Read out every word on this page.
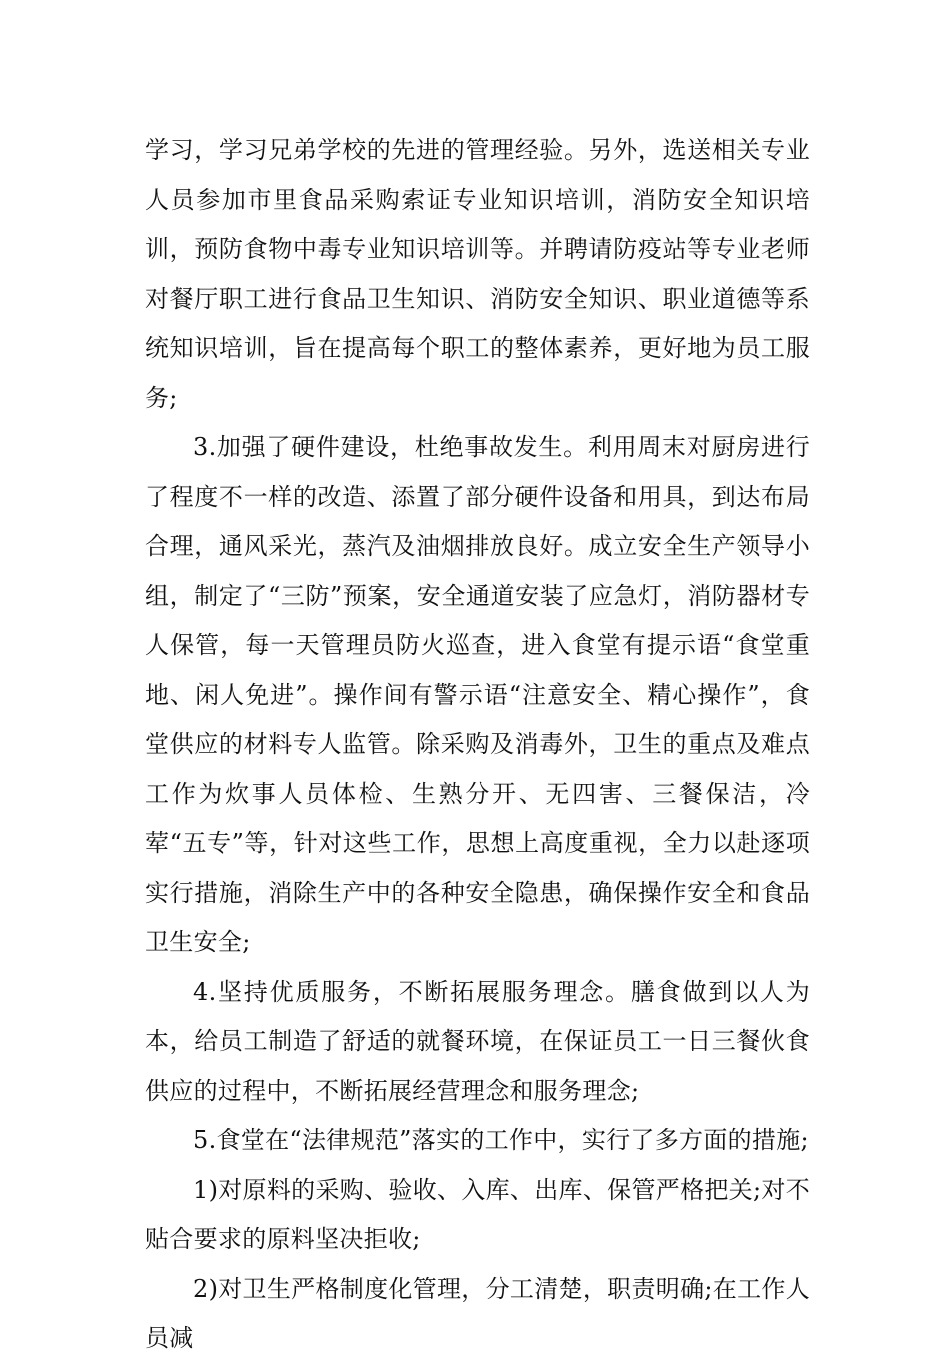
学习，学习兄弟学校的先进的管理经验。另外，选送相关专业人员参加市里食品采购索证专业知识培训，消防安全知识培训，预防食物中毒专业知识培训等。并聘请防疫站等专业老师对餐厅职工进行食品卫生知识、消防安全知识、职业道德等系统知识培训，旨在提高每个职工的整体素养，更好地为员工服务;

3.加强了硬件建设，杜绝事故发生。利用周末对厨房进行了程度不一样的改造、添置了部分硬件设备和用具，到达布局合理，通风采光，蒸汽及油烟排放良好。成立安全生产领导小组，制定了“三防”预案，安全通道安装了应急灯，消防器材专人保管，每一天管理员防火巡查，进入食堂有提示语“食堂重地、闲人免进”。操作间有警示语“注意安全、精心操作”，食堂供应的材料专人监管。除采购及消毒外，卫生的重点及难点工作为炊事人员体检、生熟分开、无四害、三餐保洁，冷荤“五专”等，针对这些工作，思想上高度重视，全力以赴逐项实行措施，消除生产中的各种安全隐患，确保操作安全和食品卫生安全;

4.坚持优质服务，不断拓展服务理念。膳食做到以人为本，给员工制造了舒适的就餐环境，在保证员工一日三餐伙食供应的过程中，不断拓展经营理念和服务理念;

5.食堂在“法律规范”落实的工作中，实行了多方面的措施;

1)对原料的采购、验收、入库、出库、保管严格把关;对不贴合要求的原料坚决拒收;

2)对卫生严格制度化管理，分工清楚，职责明确;在工作人员减
